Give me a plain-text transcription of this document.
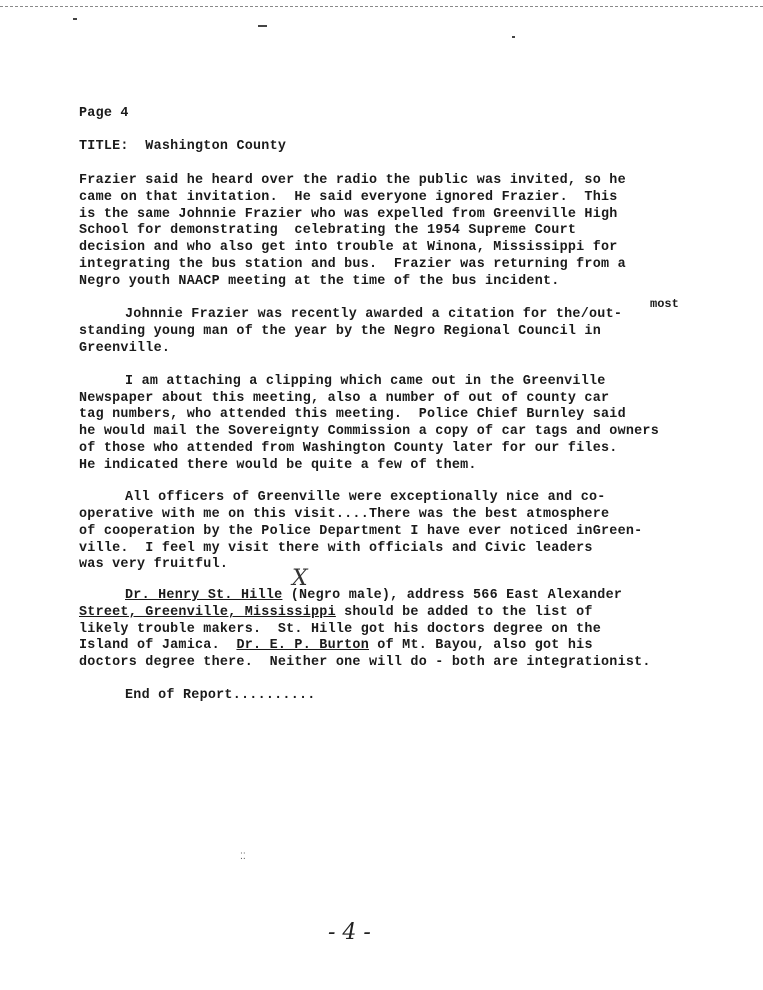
Page 4
TITLE: Washington County
Frazier said he heard over the radio the public was invited, so he
came on that invitation.  He said everyone ignored Frazier.  This
is the same Johnnie Frazier who was expelled from Greenville High
School for demonstrating  celebrating the 1954 Supreme Court
decision and who also get into trouble at Winona, Mississippi for
integrating the bus station and bus.  Frazier was returning from a
Negro youth NAACP meeting at the time of the bus incident.
most
Johnnie Frazier was recently awarded a citation for the/out-
standing young man of the year by the Negro Regional Council in
Greenville.
I am attaching a clipping which came out in the Greenville
Newspaper about this meeting, also a number of out of county car
tag numbers, who attended this meeting.  Police Chief Burnley said
he would mail the Sovereignty Commission a copy of car tags and owners
of those who attended from Washington County later for our files.
He indicated there would be quite a few of them.
All officers of Greenville were exceptionally nice and co-
operative with me on this visit....There was the best atmosphere
of cooperation by the Police Department I have ever noticed inGreen-
ville.  I feel my visit there with officials and Civic leaders
was very fruitful.
X
Dr. Henry St. Hille (Negro male), address 566 East Alexander
Street, Greenville, Mississippi should be added to the list of
likely trouble makers.  St. Hille got his doctors degree on the
Island of Jamica.  Dr. E. P. Burton of Mt. Bayou, also got his
doctors degree there.  Neither one will do - both are integrationist.
End of Report..........
⁚⁚
- 4 -
